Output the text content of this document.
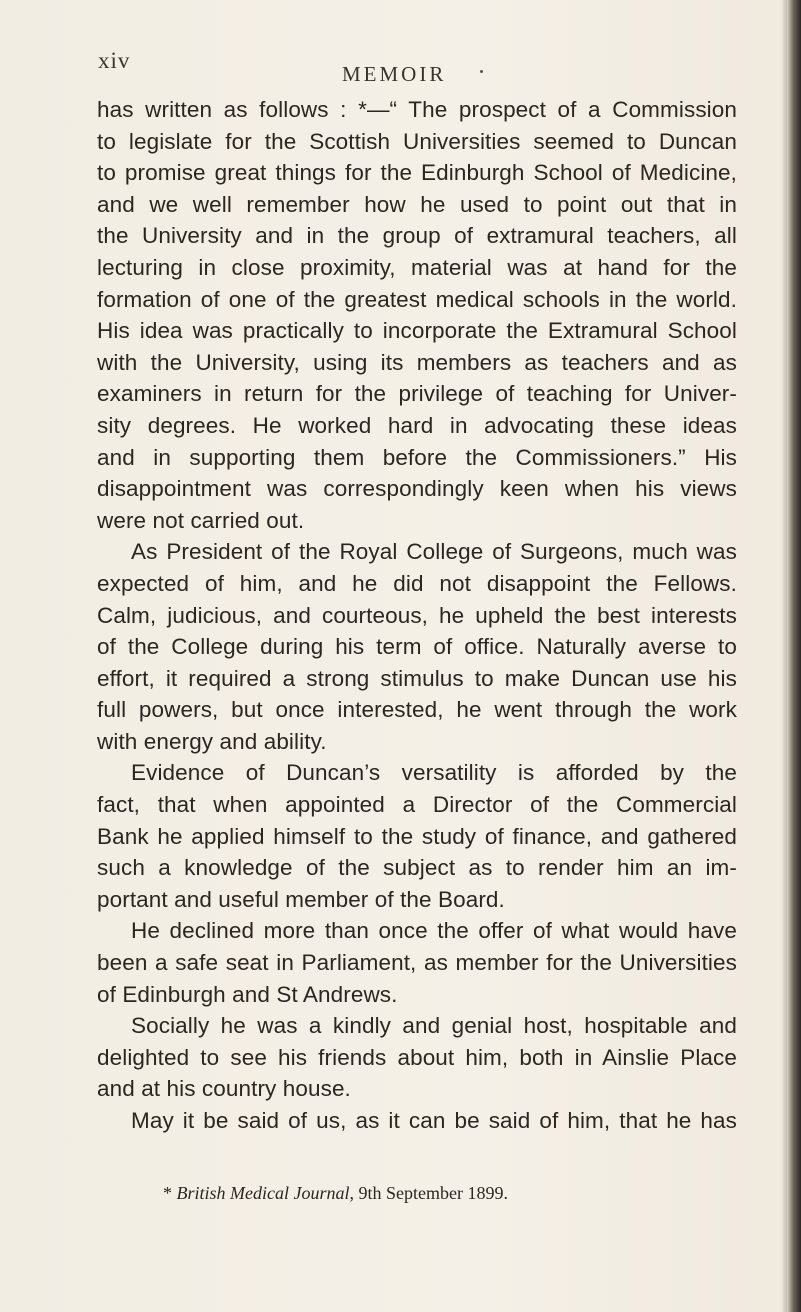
xiv
MEMOIR
has written as follows : *—“ The prospect of a Commission
to legislate for the Scottish Universities seemed to Duncan
to promise great things for the Edinburgh School of Medicine,
and we well remember how he used to point out that in
the University and in the group of extramural teachers, all
lecturing in close proximity, material was at hand for the
formation of one of the greatest medical schools in the world.
His idea was practically to incorporate the Extramural School
with the University, using its members as teachers and as
examiners in return for the privilege of teaching for Univer-
sity degrees. He worked hard in advocating these ideas
and in supporting them before the Commissioners.” His
disappointment was correspondingly keen when his views
were not carried out.
As President of the Royal College of Surgeons, much was
expected of him, and he did not disappoint the Fellows.
Calm, judicious, and courteous, he upheld the best interests
of the College during his term of office. Naturally averse to
effort, it required a strong stimulus to make Duncan use his
full powers, but once interested, he went through the work
with energy and ability.
Evidence of Duncan’s versatility is afforded by the
fact, that when appointed a Director of the Commercial
Bank he applied himself to the study of finance, and gathered
such a knowledge of the subject as to render him an im-
portant and useful member of the Board.
He declined more than once the offer of what would have
been a safe seat in Parliament, as member for the Universities
of Edinburgh and St Andrews.
Socially he was a kindly and genial host, hospitable and
delighted to see his friends about him, both in Ainslie Place
and at his country house.
May it be said of us, as it can be said of him, that he has
* British Medical Journal, 9th September 1899.
